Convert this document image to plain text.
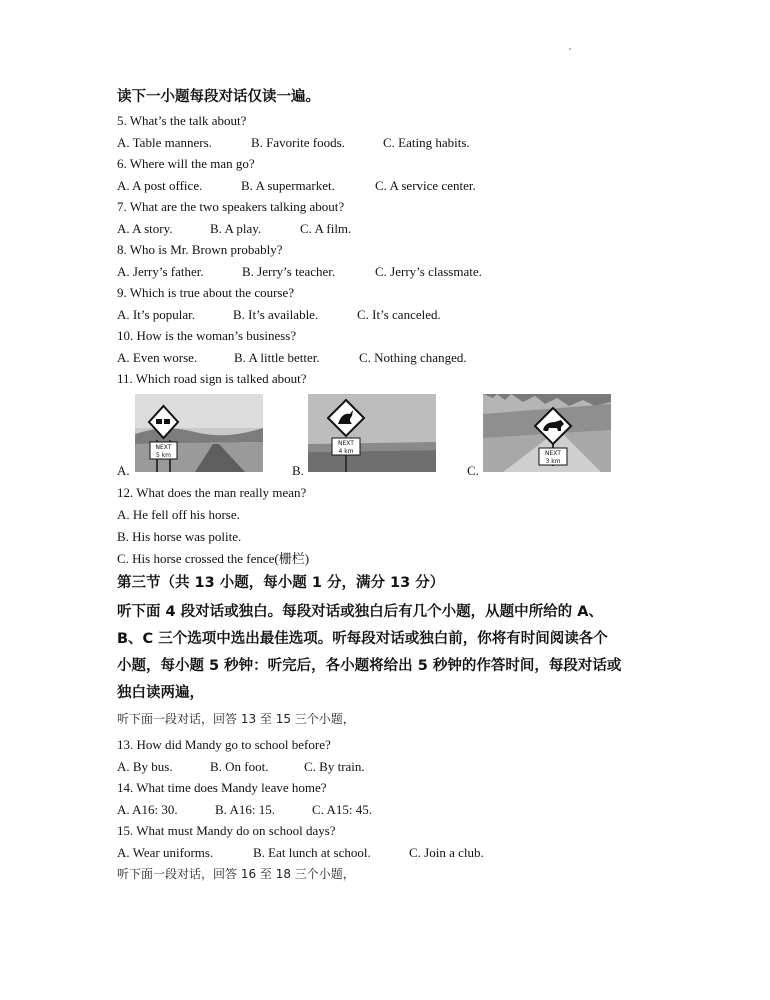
读下一小题每段对话仅读一遍。
5. What’s the talk about?
A. Table manners.	B. Favorite foods.	C. Eating habits.
6. Where will the man go?
A. A post office.	B. A supermarket.	C. A service center.
7. What are the two speakers talking about?
A. A story.	B. A play.	C. A film.
8. Who is Mr. Brown probably?
A. Jerry’s father.	B. Jerry’s teacher.	C. Jerry’s classmate.
9. Which is true about the course?
A. It’s popular.	B. It’s available.	C. It’s canceled.
10. How is the woman’s business?
A. Even worse.	B. A little better.	C. Nothing changed.
11. Which road sign is talked about?
A.
NEXT
5 km
B.
NEXT
4 km
C.
NEXT
3 km
12. What does the man really mean?
A. He fell off his horse.
B. His horse was polite.
C. His horse crossed the fence(栅栏)
第三节（共 13 小题，每小题 1 分，满分 13 分）
听下面 4 段对话或独白。每段对话或独白后有几个小题，从题中所给的 A、
B、C 三个选项中选出最佳选项。听每段对话或独白前，你将有时间阅读各个
小题，每小题 5 秒钟：听完后，各小题将给出 5 秒钟的作答时间，每段对话或
独白读两遍，
听下面一段对话，回答 13 至 15 三个小题，
13. How did Mandy go to school before?
A. By bus.	B. On foot.	C. By train.
14. What time does Mandy leave home?
A. A16: 30.	B. A16: 15.	C. A15: 45.
15. What must Mandy do on school days?
A. Wear uniforms.	B. Eat lunch at school.	C. Join a club.
听下面一段对话，回答 16 至 18 三个小题，
